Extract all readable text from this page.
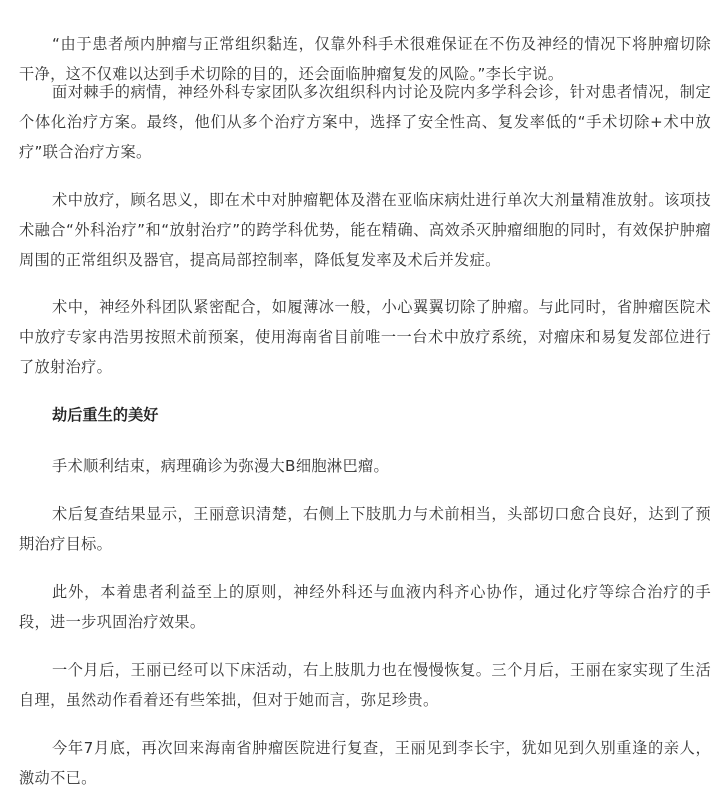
“由于患者颅内肿瘤与正常组织黏连，仅靠外科手术很难保证在不伤及神经的情况下将肿瘤切除干净，这不仅难以达到手术切除的目的，还会面临肿瘤复发的风险。”李长宇说。

面对棘手的病情，神经外科专家团队多次组织科内讨论及院内多学科会诊，针对患者情况，制定个体化治疗方案。最终，他们从多个治疗方案中，选择了安全性高、复发率低的“手术切除+术中放疗”联合治疗方案。

术中放疗，顾名思义，即在术中对肿瘤靶体及潜在亚临床病灶进行单次大剂量精准放射。该项技术融合“外科治疗”和“放射治疗”的跨学科优势，能在精确、高效杀灭肿瘤细胞的同时，有效保护肿瘤周围的正常组织及器官，提高局部控制率，降低复发率及术后并发症。

术中，神经外科团队紧密配合，如履薄冰一般，小心翼翼切除了肿瘤。与此同时，省肿瘤医院术中放疗专家冉浩男按照术前预案，使用海南省目前唯一一台术中放疗系统，对瘤床和易复发部位进行了放射治疗。

劫后重生的美好

手术顺利结束，病理确诊为弥漫大B细胞淋巴瘤。

术后复查结果显示，王丽意识清楚，右侧上下肢肌力与术前相当，头部切口愈合良好，达到了预期治疗目标。

此外，本着患者利益至上的原则，神经外科还与血液内科齐心协作，通过化疗等综合治疗的手段，进一步巩固治疗效果。

一个月后，王丽已经可以下床活动，右上肢肌力也在慢慢恢复。三个月后，王丽在家实现了生活自理，虽然动作看着还有些笨拙，但对于她而言，弥足珍贵。

今年7月底，再次回来海南省肿瘤医院进行复查，王丽见到李长宇，犹如见到久别重逢的亲人，激动不已。
